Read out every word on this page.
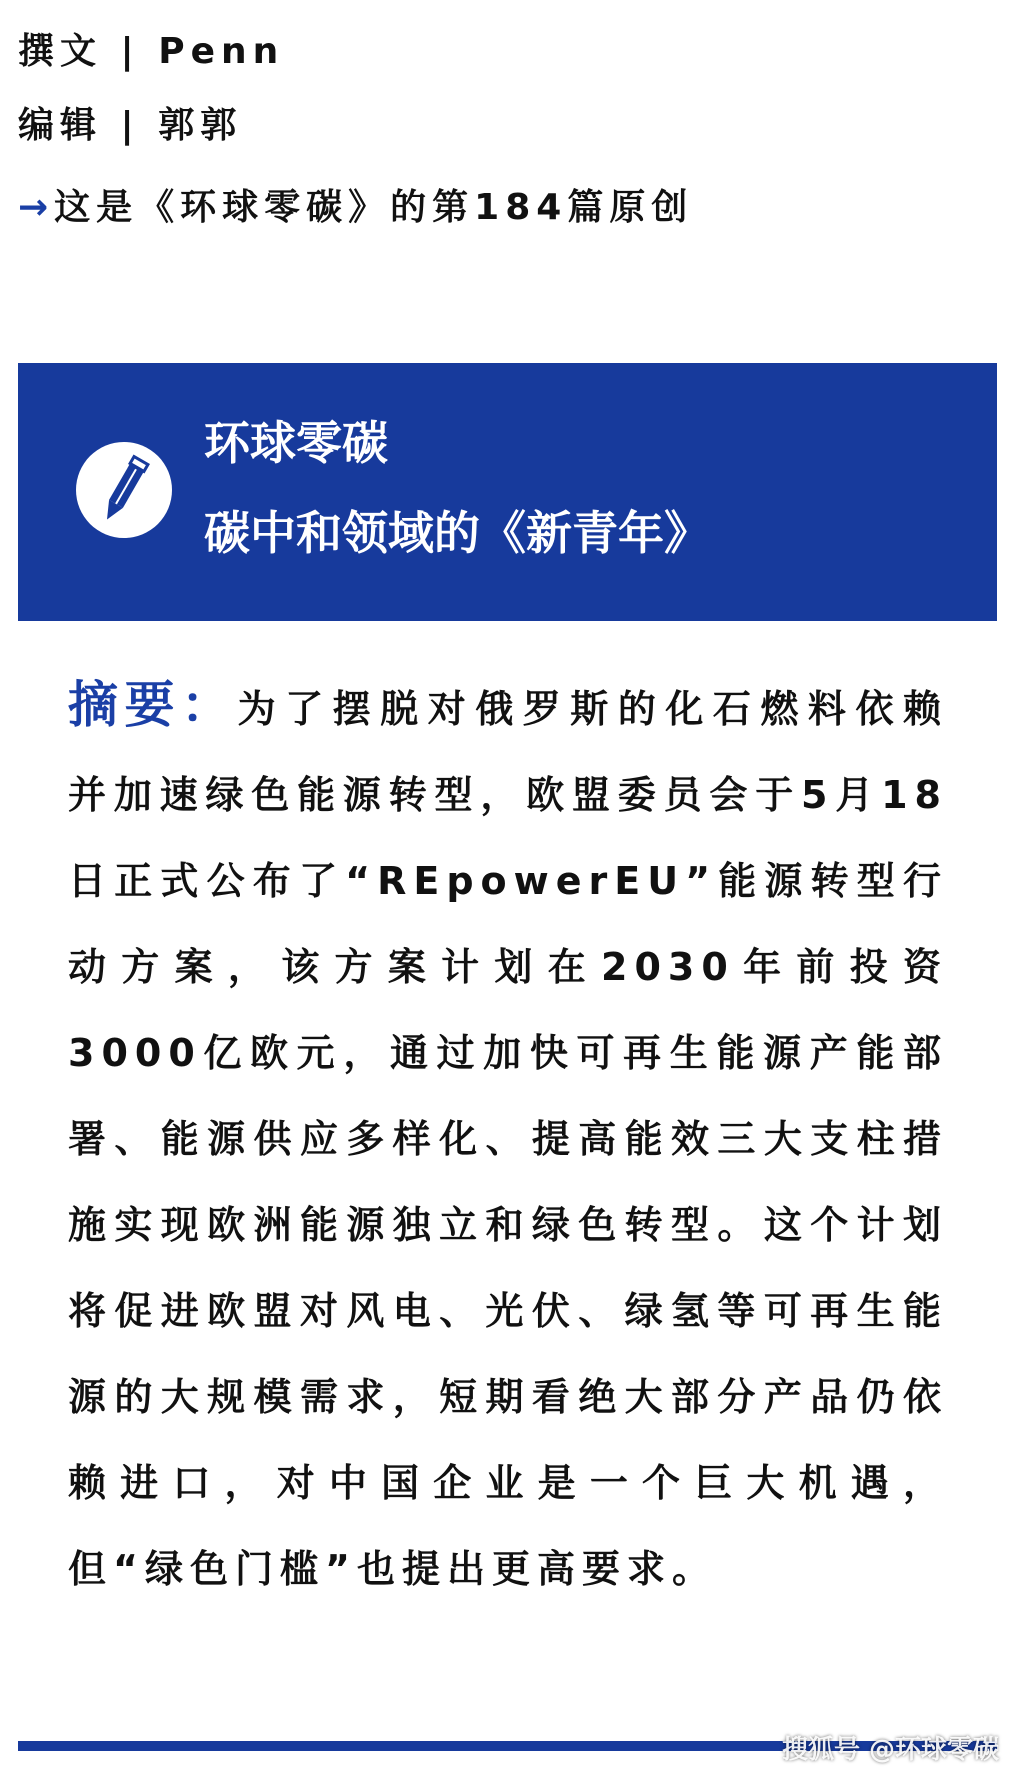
撰文 | Penn
编辑 | 郭郭
→ 这是《环球零碳》的第184篇原创
环球零碳
碳中和领域的《新青年》
摘要：为了摆脱对俄罗斯的化石燃料依赖并加速绿色能源转型，欧盟委员会于5月18日正式公布了“REpowerEU”能源转型行动方案，该方案计划在2030年前投资3000亿欧元，通过加快可再生能源产能部署、能源供应多样化、提高能效三大支柱措施实现欧洲能源独立和绿色转型。这个计划将促进欧盟对风电、光伏、绿氢等可再生能源的大规模需求，短期看绝大部分产品仍依赖进口，对中国企业是一个巨大机遇，但“绿色门槛”也提出更高要求。
搜狐号 @环球零碳
